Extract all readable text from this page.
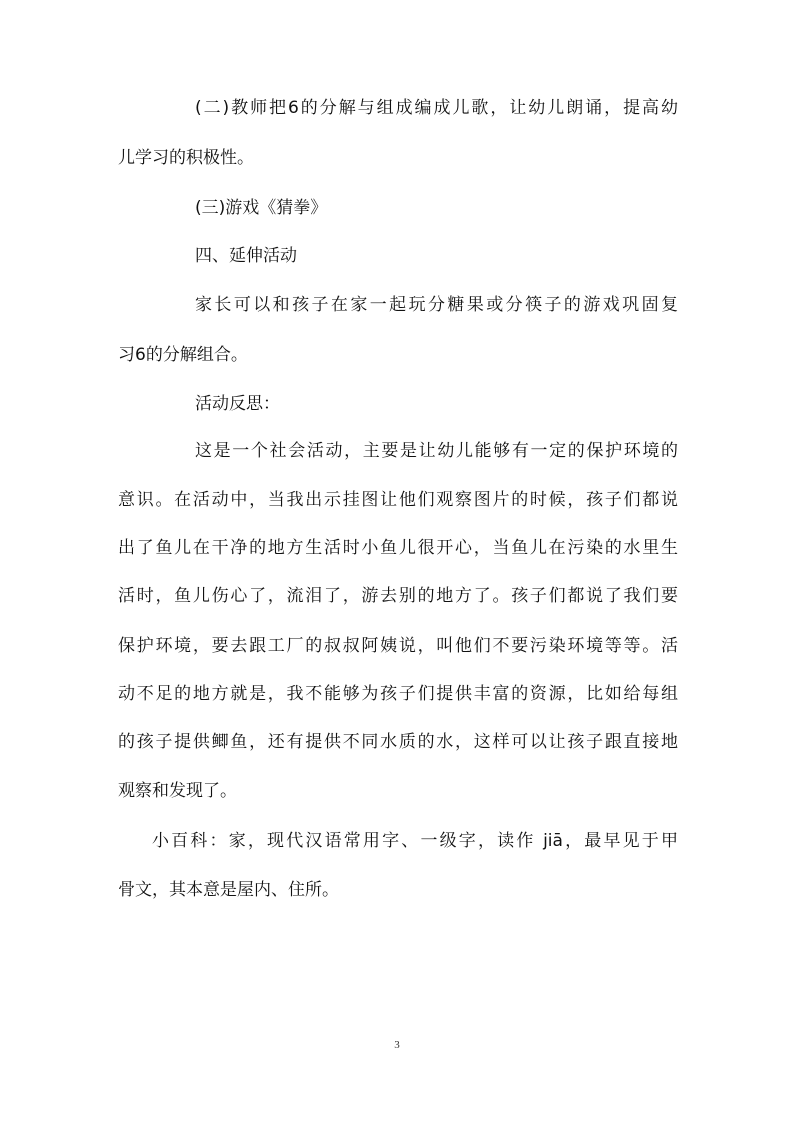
(二)教师把6的分解与组成编成儿歌，让幼儿朗诵，提高幼
儿学习的积极性。
(三)游戏《猜拳》
四、延伸活动
家长可以和孩子在家一起玩分糖果或分筷子的游戏巩固复
习6的分解组合。
活动反思：
这是一个社会活动，主要是让幼儿能够有一定的保护环境的
意识。在活动中，当我出示挂图让他们观察图片的时候，孩子们都说
出了鱼儿在干净的地方生活时小鱼儿很开心，当鱼儿在污染的水里生
活时，鱼儿伤心了，流泪了，游去别的地方了。孩子们都说了我们要
保护环境，要去跟工厂的叔叔阿姨说，叫他们不要污染环境等等。活
动不足的地方就是，我不能够为孩子们提供丰富的资源，比如给每组
的孩子提供鲫鱼，还有提供不同水质的水，这样可以让孩子跟直接地
观察和发现了。
小百科：家，现代汉语常用字、一级字，读作 jiā，最早见于甲
骨文，其本意是屋内、住所。
3
